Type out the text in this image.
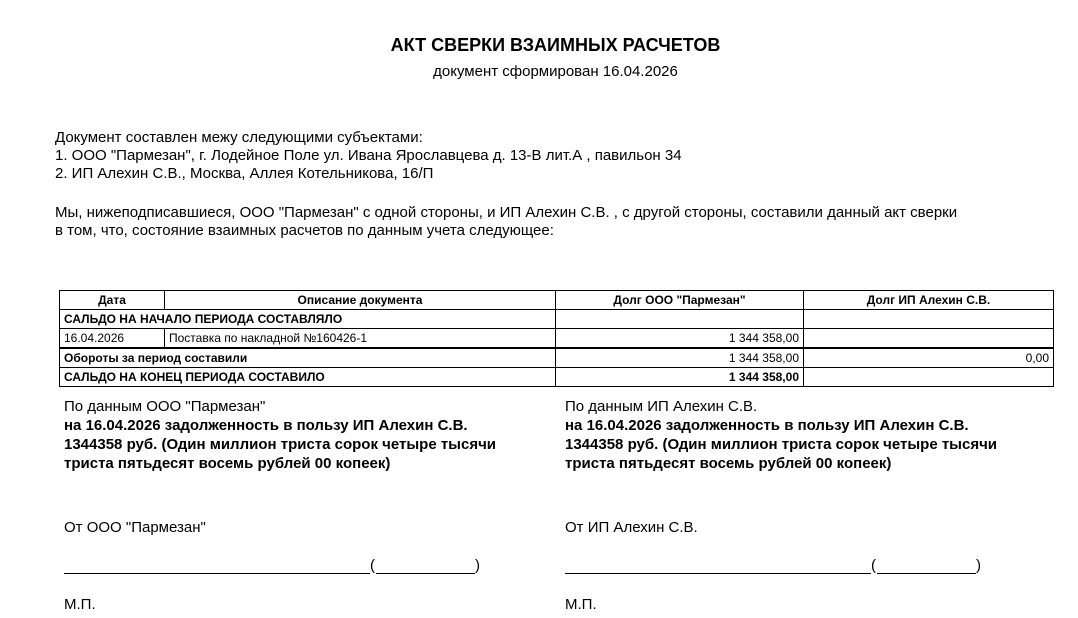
АКТ СВЕРКИ ВЗАИМНЫХ РАСЧЕТОВ
документ сформирован 16.04.2026
Документ составлен межу следующими субъектами:
1. ООО "Пармезан", г. Лодейное Поле ул. Ивана Ярославцева д. 13-В лит.А , павильон 34
2. ИП Алехин С.В., Москва, Аллея Котельникова, 16/П
Мы, нижеподписавшиеся, ООО "Пармезан" с одной стороны, и ИП Алехин С.В. , с другой стороны, составили данный акт сверки
в том, что, состояние взаимных расчетов по данным учета следующее:
Дата	Описание документа	Долг ООО "Пармезан"	Долг ИП Алехин С.В.
САЛЬДО НА НАЧАЛО ПЕРИОДА СОСТАВЛЯЛО			
16.04.2026	Поставка по накладной №160426-1	1 344 358,00	
Обороты за период составили		1 344 358,00	0,00
САЛЬДО НА КОНЕЦ ПЕРИОДА СОСТАВИЛО		1 344 358,00	
По данным ООО "Пармезан"
на 16.04.2026 задолженность в пользу ИП Алехин С.В.
1344358 руб. (Один миллион триста сорок четыре тысячи
триста пятьдесят восемь рублей 00 копеек)
От ООО "Пармезан"
(	)
М.П.
По данным ИП Алехин С.В.
на 16.04.2026 задолженность в пользу ИП Алехин С.В.
1344358 руб. (Один миллион триста сорок четыре тысячи
триста пятьдесят восемь рублей 00 копеек)
От ИП Алехин С.В.
(	)
М.П.
